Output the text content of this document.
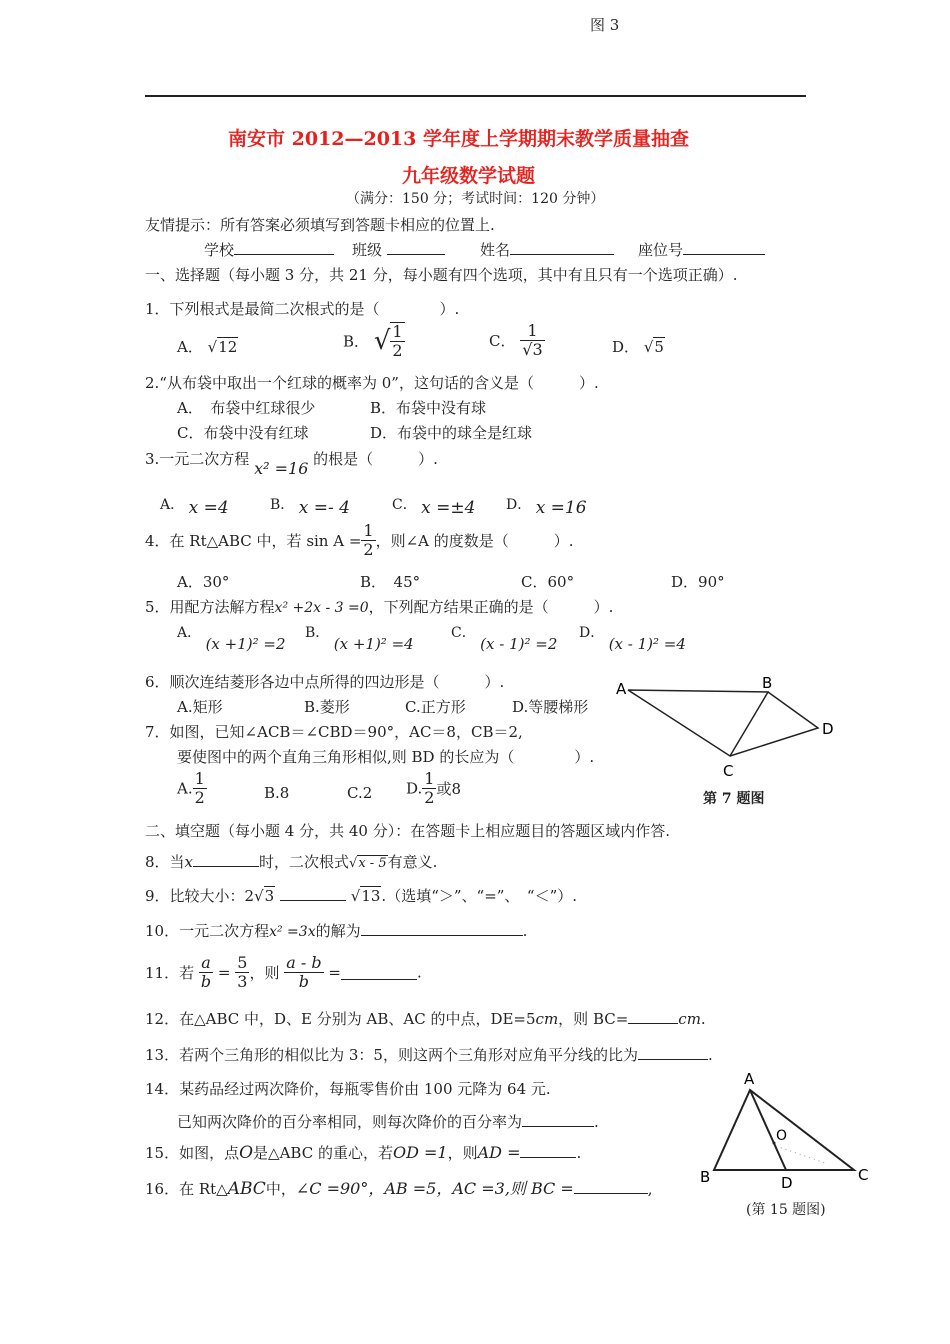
图 3
南安市 2012—2013 学年度上学期期末教学质量抽查
九年级数学试题
（满分：150 分；考试时间：120 分钟）
友情提示：所有答案必须填写到答题卡相应的位置上.
学校	班级	姓名	座位号
一、选择题（每小题 3 分，共 21 分，每小题有四个选项，其中有且只有一个选项正确）.
1．下列根式是最简二次根式的是（　　　　）.
A． √12	B． √ $\frac{1}{2}$	C． $\frac{1}{√3}$	D． √5
2.“从布袋中取出一个红球的概率为 0”，这句话的含义是（　　　）.
A．　布袋中红球很少	B．布袋中没有球
C．布袋中没有红球	D．布袋中的球全是红球
3.一元二次方程 x² =16 的根是（　　　）.
A． x =4	B． x =- 4	C． x =±4 D． x =16
4．在 Rt△ABC 中，若 $\sin A = \frac{1}{2}$ ，则∠A 的度数是（　　　）.
A．30°	B．　45°	C．60°	D．90°
5．用配方法解方程x² +2x - 3 =0，下列配方结果正确的是（　　　）.
A． (x +1)² =2
B． (x +1)² =4
C． (x - 1)² =2
D． (x - 1)² =4
6．顺次连结菱形各边中点所得的四边形是（　　　）.
A.矩形	B.菱形	C.正方形	D.等腰梯形
7．如图，已知∠ACB＝∠CBD＝90°，AC＝8，CB＝2,
要使图中的两个直角三角形相似,则 BD 的长应为（　　　　）.
A. $\frac{1}{2}$	B.8	C.2 D. $\frac{1}{2}$ 或8
A	B
C
D
第 7 题图
二、填空题（每小题 4 分，共 40 分）：在答题卡上相应题目的答题区域内作答.
8．当x	时，二次根式√x - 5有意义.
9．比较大小：2√3	√13.（选填“＞”、“=”、　“＜”）.
10．一元二次方程x² =3x的解为	.
11．若 $\frac{a}{b} = \frac{5}{3}$ ，则 $\frac{a - b}{b}$ =	.
12．在△ABC 中，D、E 分别为 AB、AC 的中点，DE=5cm，则 BC=	cm.
13．若两个三角形的相似比为 3：5，则这两个三角形对应角平分线的比为	.
14．某药品经过两次降价，每瓶零售价由 100 元降为 64 元.
已知两次降价的百分率相同，则每次降价的百分率为	.
15．如图，点O是△ABC 的重心，若OD =1，则AD =	.
16．在 Rt△ABC中，∠C =90°，AB =5，AC =3,则 BC =	,
A
O
B	D	C
(第 15 题图)
